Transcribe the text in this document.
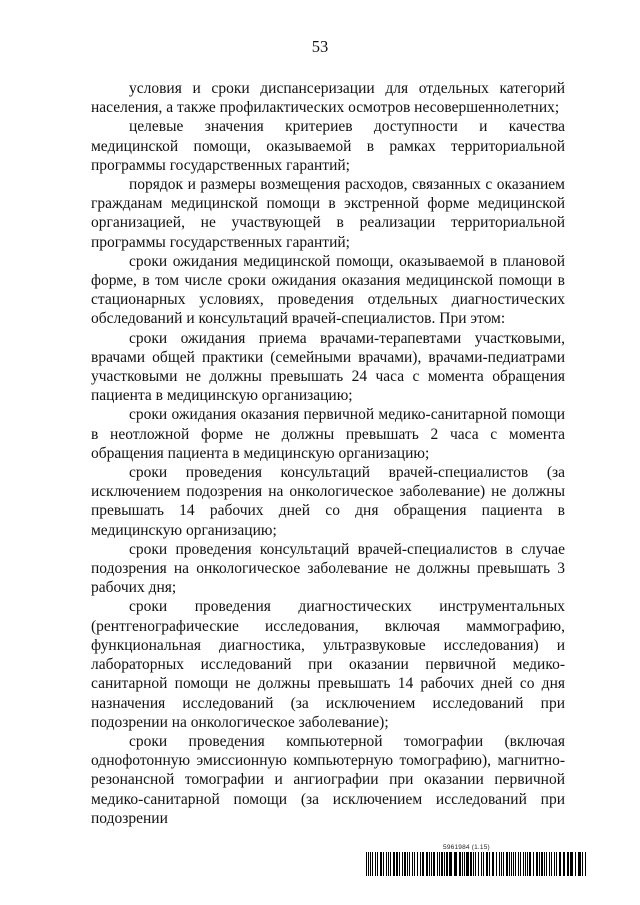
53

условия и сроки диспансеризации для отдельных категорий населения, а также профилактических осмотров несовершеннолетних;

целевые значения критериев доступности и качества медицинской помощи, оказываемой в рамках территориальной программы государственных гарантий;

порядок и размеры возмещения расходов, связанных с оказанием гражданам медицинской помощи в экстренной форме медицинской организацией, не участвующей в реализации территориальной программы государственных гарантий;

сроки ожидания медицинской помощи, оказываемой в плановой форме, в том числе сроки ожидания оказания медицинской помощи в стационарных условиях, проведения отдельных диагностических обследований и консультаций врачей-специалистов. При этом:

сроки ожидания приема врачами-терапевтами участковыми, врачами общей практики (семейными врачами), врачами-педиатрами участковыми не должны превышать 24 часа с момента обращения пациента в медицинскую организацию;

сроки ожидания оказания первичной медико-санитарной помощи в неотложной форме не должны превышать 2 часа с момента обращения пациента в медицинскую организацию;

сроки проведения консультаций врачей-специалистов (за исключением подозрения на онкологическое заболевание) не должны превышать 14 рабочих дней со дня обращения пациента в медицинскую организацию;

сроки проведения консультаций врачей-специалистов в случае подозрения на онкологическое заболевание не должны превышать 3 рабочих дня;

сроки проведения диагностических инструментальных (рентгенографические исследования, включая маммографию, функциональная диагностика, ультразвуковые исследования) и лабораторных исследований при оказании первичной медико-санитарной помощи не должны превышать 14 рабочих дней со дня назначения исследований (за исключением исследований при подозрении на онкологическое заболевание);

сроки проведения компьютерной томографии (включая однофотонную эмиссионную компьютерную томографию), магнитно-резонансной томографии и ангиографии при оказании первичной медико-санитарной помощи (за исключением исследований при подозрении

5961984 (1.15)
